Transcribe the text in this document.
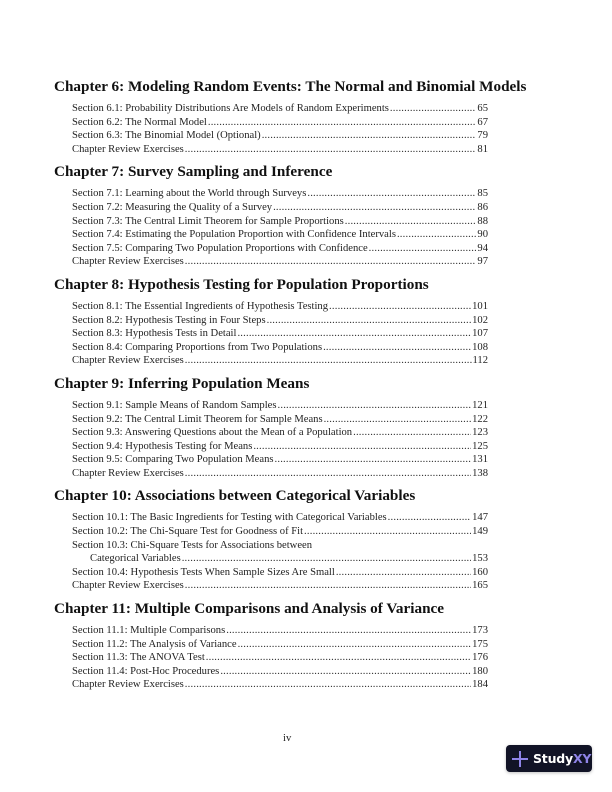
Chapter 6: Modeling Random Events: The Normal and Binomial Models
Section 6.1: Probability Distributions Are Models of Random Experiments .....	65
Section 6.2: The Normal Model .....	67
Section 6.3: The Binomial Model (Optional) .....	79
Chapter Review Exercises .....	81
Chapter 7: Survey Sampling and Inference
Section 7.1: Learning about the World through Surveys .....	85
Section 7.2: Measuring the Quality of a Survey .....	86
Section 7.3: The Central Limit Theorem for Sample Proportions .....	88
Section 7.4: Estimating the Population Proportion with Confidence Intervals .....	90
Section 7.5: Comparing Two Population Proportions with Confidence .....	94
Chapter Review Exercises .....	97
Chapter 8: Hypothesis Testing for Population Proportions
Section 8.1: The Essential Ingredients of Hypothesis Testing .....	101
Section 8.2: Hypothesis Testing in Four Steps .....	102
Section 8.3: Hypothesis Tests in Detail .....	107
Section 8.4: Comparing Proportions from Two Populations .....	108
Chapter Review Exercises .....	112
Chapter 9: Inferring Population Means
Section 9.1: Sample Means of Random Samples .....	121
Section 9.2: The Central Limit Theorem for Sample Means .....	122
Section 9.3: Answering Questions about the Mean of a Population .....	123
Section 9.4: Hypothesis Testing for Means .....	125
Section 9.5: Comparing Two Population Means .....	131
Chapter Review Exercises .....	138
Chapter 10: Associations between Categorical Variables
Section 10.1: The Basic Ingredients for Testing with Categorical Variables .....	147
Section 10.2: The Chi-Square Test for Goodness of Fit .....	149
Section 10.3: Chi-Square Tests for Associations between
Categorical Variables .....	153
Section 10.4: Hypothesis Tests When Sample Sizes Are Small .....	160
Chapter Review Exercises .....	165
Chapter 11: Multiple Comparisons and Analysis of Variance
Section 11.1: Multiple Comparisons .....	173
Section 11.2: The Analysis of Variance .....	175
Section 11.3: The ANOVA Test .....	176
Section 11.4: Post-Hoc Procedures .....	180
Chapter Review Exercises .....	184
iv
StudyXY
